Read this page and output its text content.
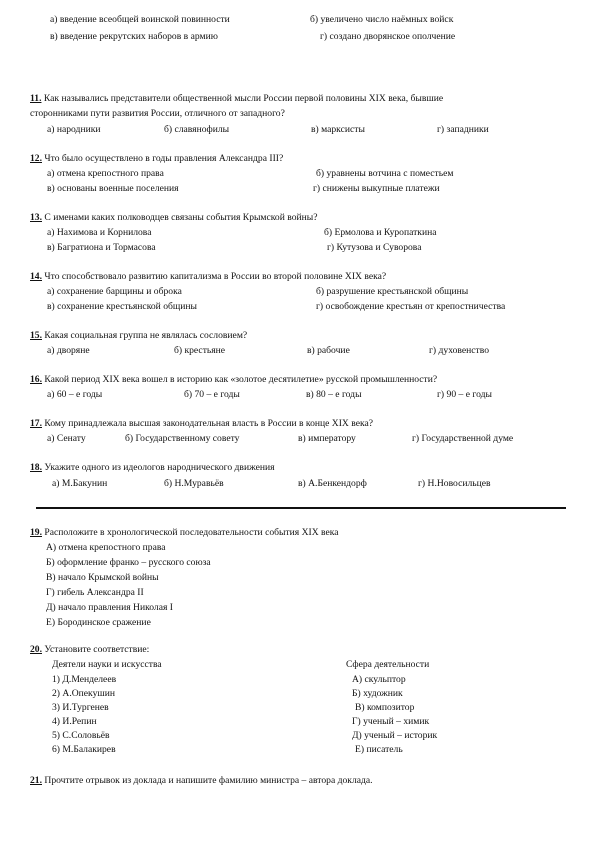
а) введение всеобщей воинской повинности	б) увеличено число наёмных войск
в) введение рекрутских наборов в армию	г) создано дворянское ополчение
11. Как назывались представители общественной мысли России первой половины XIX века, бывшие
сторонниками пути развития России, отличного от западного?
а) народники	б) славянофилы	в) марксисты	г) западники
12. Что было осуществлено в годы правления Александра III?
а) отмена крепостного права	б) уравнены вотчина с поместьем
в) основаны военные поселения	г) снижены выкупные платежи
13. С именами каких полководцев связаны события Крымской войны?
а) Нахимова и Корнилова	б) Ермолова и Куропаткина
в) Багратиона и Тормасова	г) Кутузова и Суворова
14. Что способствовало развитию капитализма в России во второй половине XIX века?
а) сохранение барщины и оброка	б) разрушение крестьянской общины
в) сохранение крестьянской общины	г) освобождение крестьян от крепостничества
15. Какая социальная группа не являлась сословием?
а) дворяне	б) крестьяне	в) рабочие	г) духовенство
16. Какой период XIX века вошел в историю как «золотое десятилетие» русской промышленности?
а) 60 – е годы	б) 70 – е годы	в) 80 – е годы	г) 90 – е годы
17. Кому принадлежала высшая законодательная власть в России в конце XIX века?
а) Сенату	б) Государственному совету	в) императору	г) Государственной думе
18. Укажите одного из идеологов народнического движения
а) М.Бакунин	б) Н.Муравьёв	в) А.Бенкендорф	г) Н.Новосильцев
19. Расположите в хронологической последовательности события XIX века
А) отмена крепостного права
Б) оформление франко – русского союза
В) начало Крымской войны
Г) гибель Александра II
Д) начало правления Николая I
Е) Бородинское сражение
20. Установите соответствие:
Деятели науки и искусства	Сфера деятельности
1) Д.Менделеев	А) скульптор
2) А.Опекушин	Б) художник
3) И.Тургенев	В) композитор
4) И.Репин	Г) ученый – химик
5) С.Соловьёв	Д) ученый – историк
6) М.Балакирев	Е) писатель
21. Прочтите отрывок из доклада и напишите фамилию министра – автора доклада.
